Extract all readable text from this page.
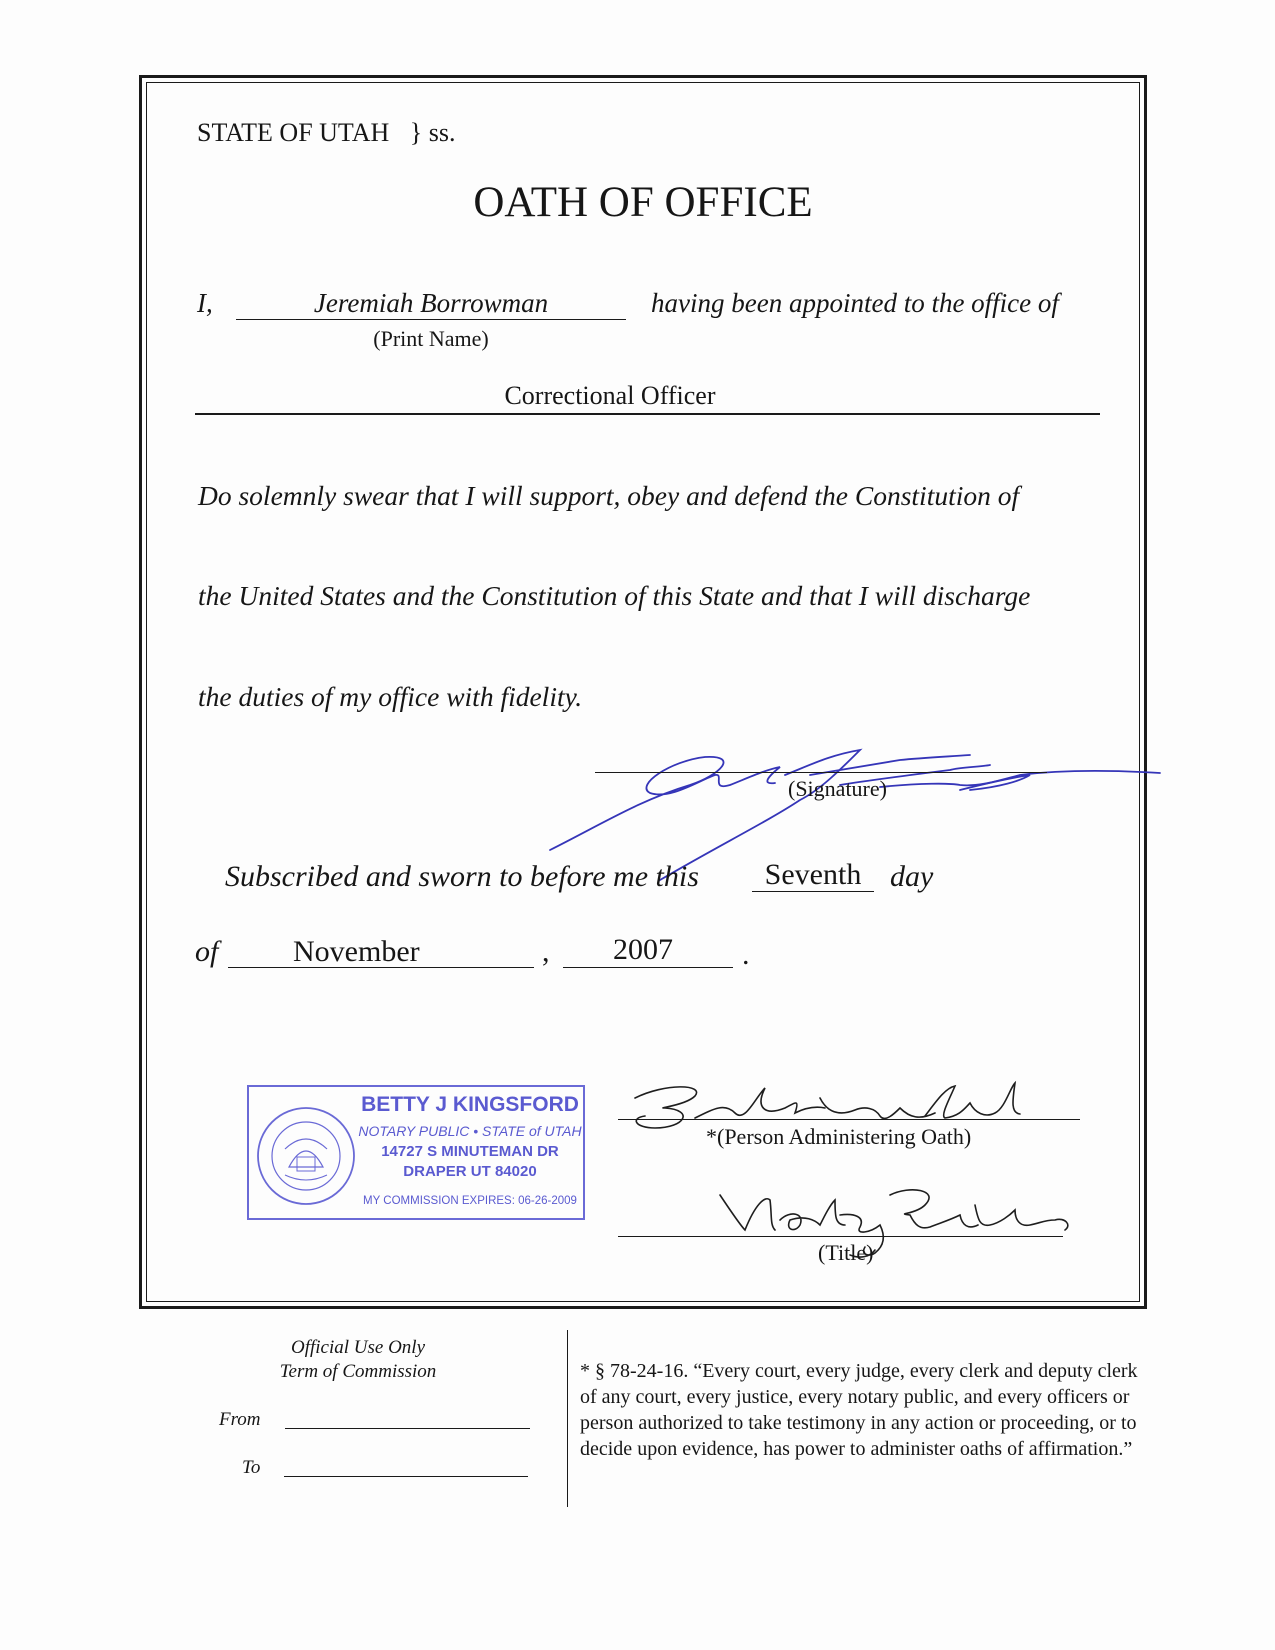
STATE OF UTAH } ss.
OATH OF OFFICE
I,	Jeremiah Borrowman
(Print Name)
having been appointed to the office of
Correctional Officer
Do solemnly swear that I will support, obey and defend the Constitution of
the United States and the Constitution of this State and that I will discharge
the duties of my office with fidelity.
(Signature)
Subscribed and sworn to before me this	Seventh day
of	November	,	2007	.
BETTY J KINGSFORD
NOTARY PUBLIC • STATE of UTAH
14727 S MINUTEMAN DR
DRAPER UT 84020
MY COMMISSION EXPIRES: 06-26-2009
*(Person Administering Oath)
(Title)
Official Use Only
Term of Commission
From
To
* § 78-24-16. “Every court, every judge, every clerk and deputy clerk of any court, every justice, every notary public, and every officers or person authorized to take testimony in any action or proceeding, or to decide upon evidence, has power to administer oaths of affirmation.”
